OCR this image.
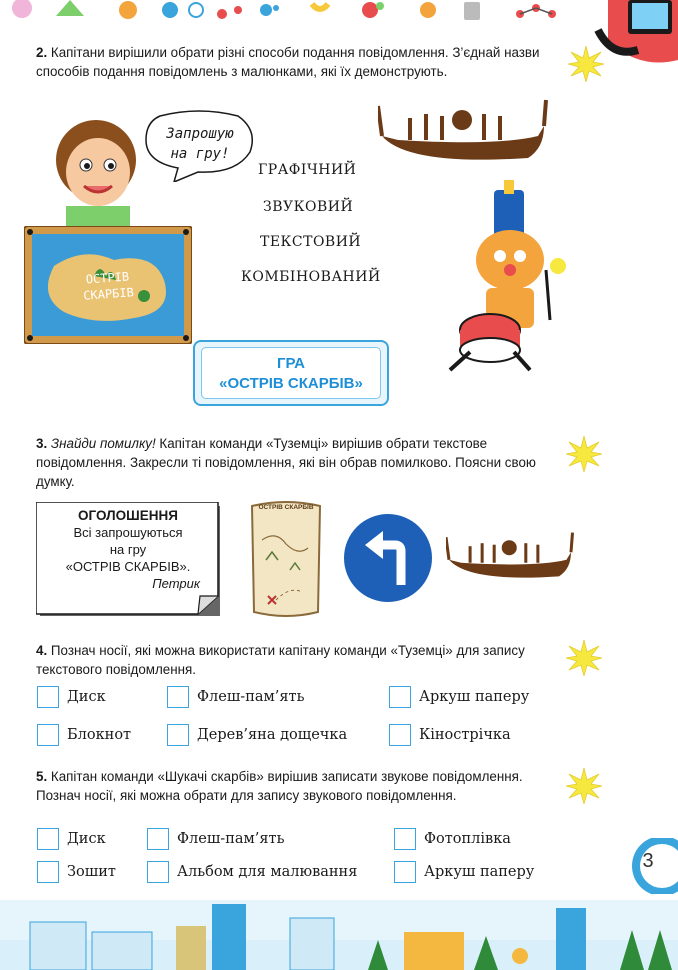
2. Капітани вирішили обрати різні способи подання повідомлення. З’єднай назви способів подання повідомлень з малюнками, які їх демонструють.
Запрошую
на гру!
ОСТРІВ
СКАРБІВ
ГРАФІЧНИЙ
ЗВУКОВИЙ
ТЕКСТОВИЙ
КОМБІНОВАНИЙ
ГРА
«ОСТРІВ СКАРБІВ»
3. Знайди помилку! Капітан команди «Туземці» вирішив обрати текстове повідомлення. Закресли ті повідомлення, які він обрав помилково. Поясни свою думку.
ОГОЛОШЕННЯ
Всі запрошуються
на гру
«ОСТРІВ СКАРБІВ».
Петрик
ОСТРІВ СКАРБІВ
4. Познач носії, які можна використати капітану команди «Туземці» для запису текстового повідомлення.
Диск	Флеш-пам’ять	Аркуш паперу
Блокнот	Дерев’яна дощечка	Кінострічка
5. Капітан команди «Шукачі скарбів» вирішив записати звукове повідомлення. Познач носії, які можна обрати для запису звукового повідомлення.
Диск	Флеш-пам’ять	Фотоплівка
Зошит	Альбом для малювання	Аркуш паперу	3
